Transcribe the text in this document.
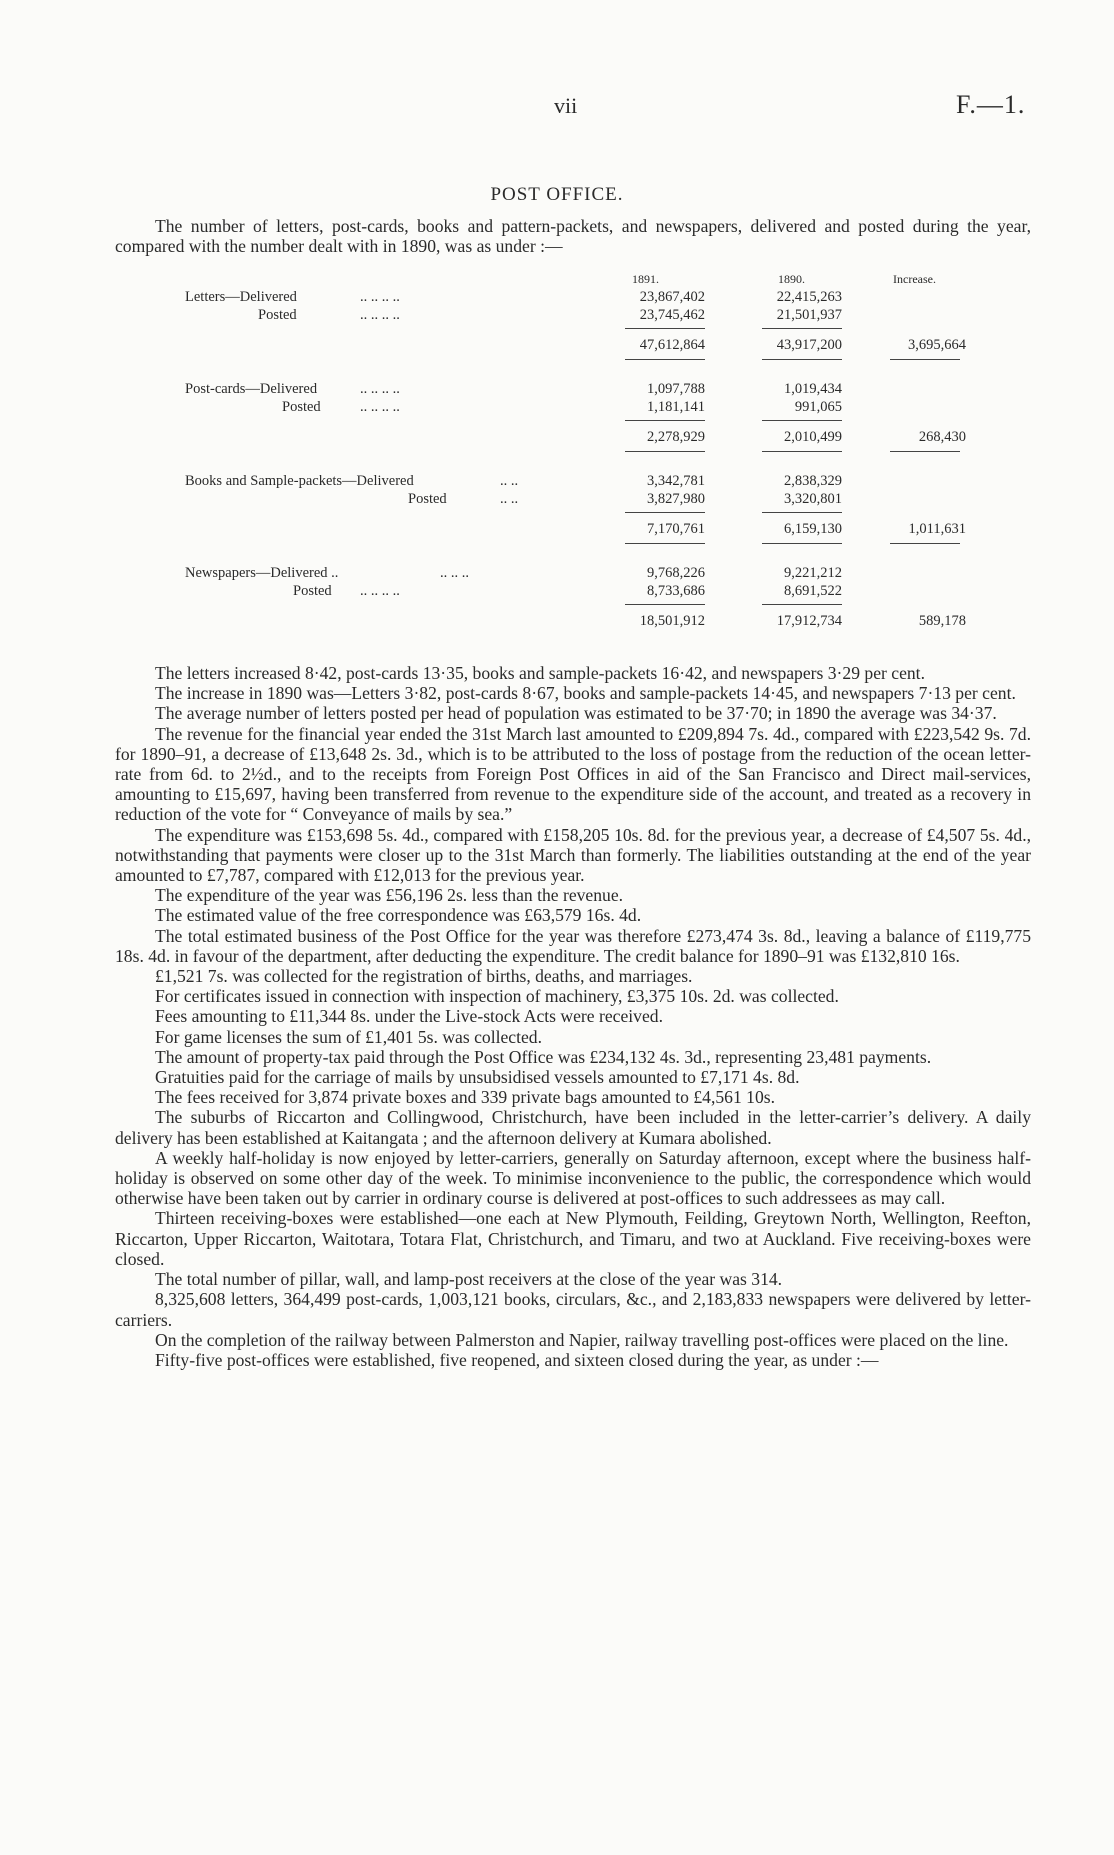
vii	F.—1.
POST OFFICE.
The number of letters, post-cards, books and pattern-packets, and newspapers, delivered and posted during the year, compared with the number dealt with in 1890, was as under :—
1891.	1890.	Increase.
Letters—Delivered	.. .. .. ..	23,867,402	22,415,263
Posted	.. .. .. ..	23,745,462	21,501,937
47,612,864	43,917,200	3,695,664
Post-cards—Delivered	.. .. .. ..	1,097,788	1,019,434
Posted	.. .. .. ..	1,181,141	991,065
2,278,929	2,010,499	268,430
Books and Sample-packets—Delivered	.. ..	3,342,781	2,838,329
Posted	.. ..	3,827,980	3,320,801
7,170,761	6,159,130	1,011,631
Newspapers—Delivered ..	.. .. ..	9,768,226	9,221,212
Posted	.. .. .. ..	8,733,686	8,691,522
18,501,912	17,912,734	589,178

The letters increased 8·42, post-cards 13·35, books and sample-packets 16·42, and newspapers 3·29 per cent.

The increase in 1890 was—Letters 3·82, post-cards 8·67, books and sample-packets 14·45, and newspapers 7·13 per cent.

The average number of letters posted per head of population was estimated to be 37·70; in 1890 the average was 34·37.

The revenue for the financial year ended the 31st March last amounted to £209,894 7s. 4d., compared with £223,542 9s. 7d. for 1890–91, a decrease of £13,648 2s. 3d., which is to be attributed to the loss of postage from the reduction of the ocean letter-rate from 6d. to 2½d., and to the receipts from Foreign Post Offices in aid of the San Francisco and Direct mail-services, amounting to £15,697, having been transferred from revenue to the expenditure side of the account, and treated as a recovery in reduction of the vote for “ Conveyance of mails by sea.”

The expenditure was £153,698 5s. 4d., compared with £158,205 10s. 8d. for the previous year, a decrease of £4,507 5s. 4d., notwithstanding that payments were closer up to the 31st March than formerly. The liabilities outstanding at the end of the year amounted to £7,787, compared with £12,013 for the previous year.

The expenditure of the year was £56,196 2s. less than the revenue.

The estimated value of the free correspondence was £63,579 16s. 4d.

The total estimated business of the Post Office for the year was therefore £273,474 3s. 8d., leaving a balance of £119,775 18s. 4d. in favour of the department, after deducting the expenditure. The credit balance for 1890–91 was £132,810 16s.

£1,521 7s. was collected for the registration of births, deaths, and marriages.

For certificates issued in connection with inspection of machinery, £3,375 10s. 2d. was collected.

Fees amounting to £11,344 8s. under the Live-stock Acts were received.

For game licenses the sum of £1,401 5s. was collected.

The amount of property-tax paid through the Post Office was £234,132 4s. 3d., representing 23,481 payments.

Gratuities paid for the carriage of mails by unsubsidised vessels amounted to £7,171 4s. 8d.

The fees received for 3,874 private boxes and 339 private bags amounted to £4,561 10s.

The suburbs of Riccarton and Collingwood, Christchurch, have been included in the letter-carrier’s delivery. A daily delivery has been established at Kaitangata ; and the afternoon delivery at Kumara abolished.

A weekly half-holiday is now enjoyed by letter-carriers, generally on Saturday afternoon, except where the business half-holiday is observed on some other day of the week. To minimise inconvenience to the public, the correspondence which would otherwise have been taken out by carrier in ordinary course is delivered at post-offices to such addressees as may call.

Thirteen receiving-boxes were established—one each at New Plymouth, Feilding, Greytown North, Wellington, Reefton, Riccarton, Upper Riccarton, Waitotara, Totara Flat, Christchurch, and Timaru, and two at Auckland. Five receiving-boxes were closed.

The total number of pillar, wall, and lamp-post receivers at the close of the year was 314.

8,325,608 letters, 364,499 post-cards, 1,003,121 books, circulars, &c., and 2,183,833 newspapers were delivered by letter-carriers.

On the completion of the railway between Palmerston and Napier, railway travelling post-offices were placed on the line.

Fifty-five post-offices were established, five reopened, and sixteen closed during the year, as under :—
